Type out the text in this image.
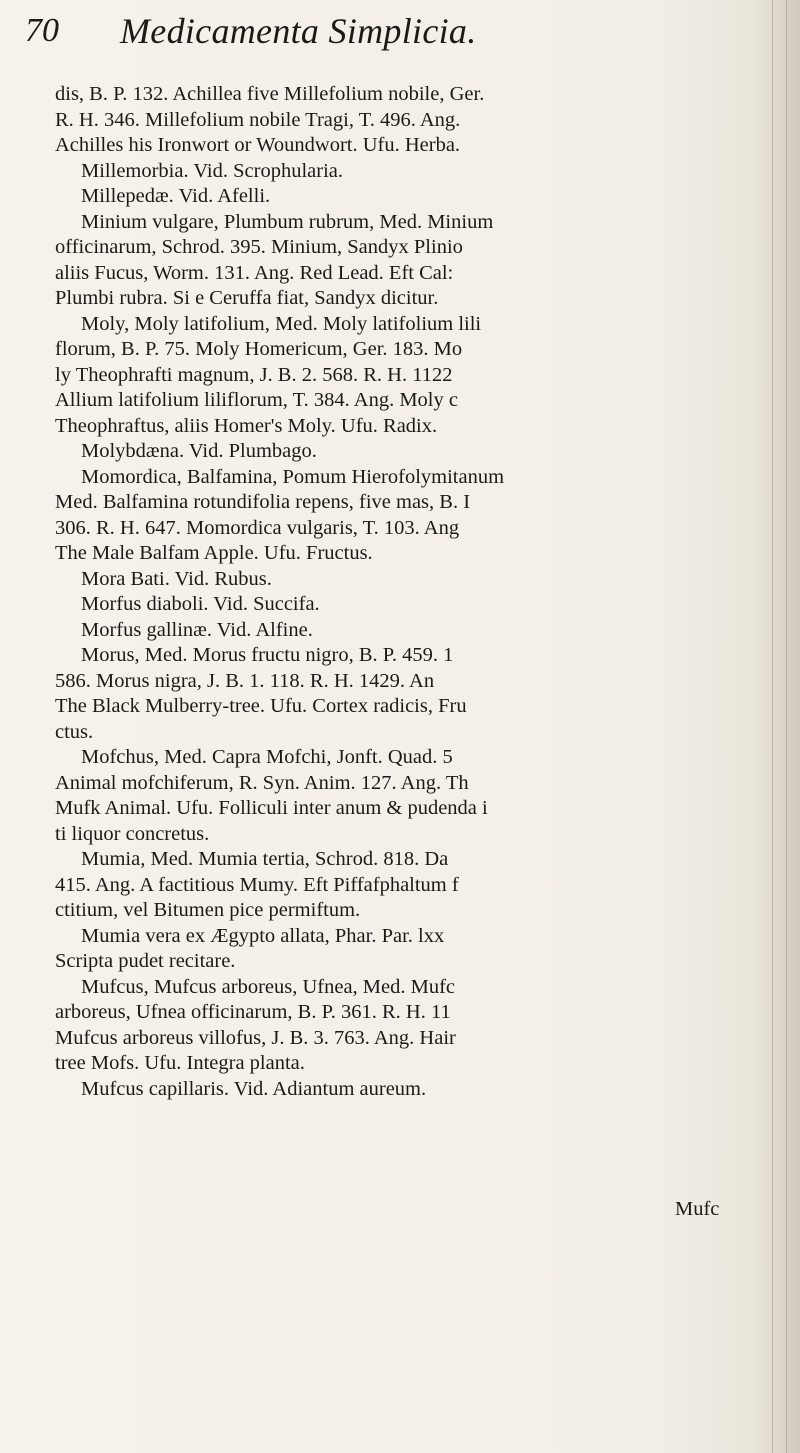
70 Medicamenta Simplicia.
dis, B. P. 132. Achillea five Millefolium nobile, Ger.
R. H. 346. Millefolium nobile Tragi, T. 496. Ang.
Achilles his Ironwort or Woundwort. Ufu. Herba.
Millemorbia. Vid. Scrophularia.
Millepedæ. Vid. Afelli.
Minium vulgare, Plumbum rubrum, Med. Minium
officinarum, Schrod. 395. Minium, Sandyx Plinio
aliis Fucus, Worm. 131. Ang. Red Lead. Eft Cal:
Plumbi rubra. Si e Ceruffa fiat, Sandyx dicitur.
Moly, Moly latifolium, Med. Moly latifolium lili
florum, B. P. 75. Moly Homericum, Ger. 183. Mo
ly Theophrafti magnum, J. B. 2. 568. R. H. 1122
Allium latifolium liliflorum, T. 384. Ang. Moly c
Theophraftus, aliis Homer's Moly. Ufu. Radix.
Molybdæna. Vid. Plumbago.
Momordica, Balfamina, Pomum Hierofolymitanum
Med. Balfamina rotundifolia repens, five mas, B. I
306. R. H. 647. Momordica vulgaris, T. 103. Ang
The Male Balfam Apple. Ufu. Fructus.
Mora Bati. Vid. Rubus.
Morfus diaboli. Vid. Succifa.
Morfus gallinæ. Vid. Alfine.
Morus, Med. Morus fructu nigro, B. P. 459. 1
586. Morus nigra, J. B. 1. 118. R. H. 1429. An
The Black Mulberry-tree. Ufu. Cortex radicis, Fru
ctus.
Mofchus, Med. Capra Mofchi, Jonft. Quad. 5
Animal mofchiferum, R. Syn. Anim. 127. Ang. Th
Mufk Animal. Ufu. Folliculi inter anum & pudenda i
ti liquor concretus.
Mumia, Med. Mumia tertia, Schrod. 818. Da
415. Ang. A factitious Mumy. Eft Piffafphaltum f
ctitium, vel Bitumen pice permiftum.
Mumia vera ex Ægypto allata, Phar. Par. lxx
Scripta pudet recitare.
Mufcus, Mufcus arboreus, Ufnea, Med. Mufc
arboreus, Ufnea officinarum, B. P. 361. R. H. 11
Mufcus arboreus villofus, J. B. 3. 763. Ang. Hair
tree Mofs. Ufu. Integra planta.
Mufcus capillaris. Vid. Adiantum aureum.
Mufc
